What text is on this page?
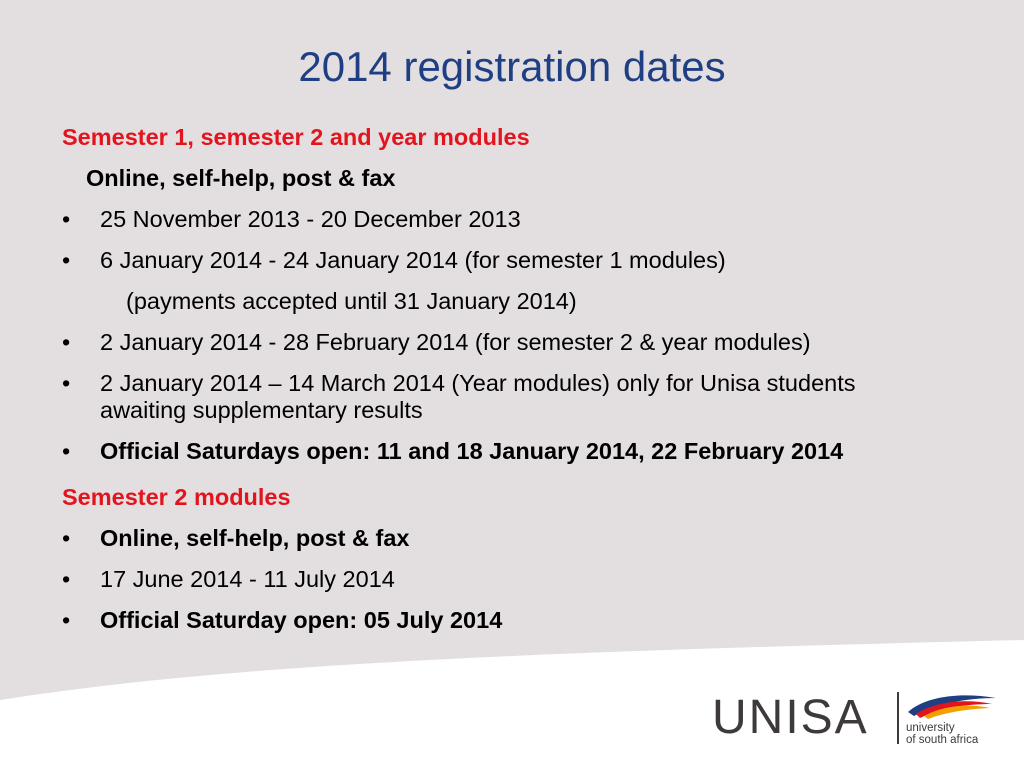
2014 registration dates

Semester 1, semester 2 and year modules

Online, self-help, post & fax

•	25 November 2013 - 20 December 2013
•	6 January 2014 - 24 January 2014 (for semester 1 modules)

(payments accepted until 31 January 2014)

•	2 January 2014 - 28 February 2014 (for semester 2 & year modules)
•	2 January 2014 – 14 March 2014 (Year modules) only for Unisa students awaiting supplementary results
•	Official Saturdays open: 11 and 18 January 2014, 22 February 2014

Semester 2 modules

•	Online, self-help, post & fax
•	17 June 2014 - 11 July 2014
•	Official Saturday open: 05 July 2014
UNISA	university
of south africa
